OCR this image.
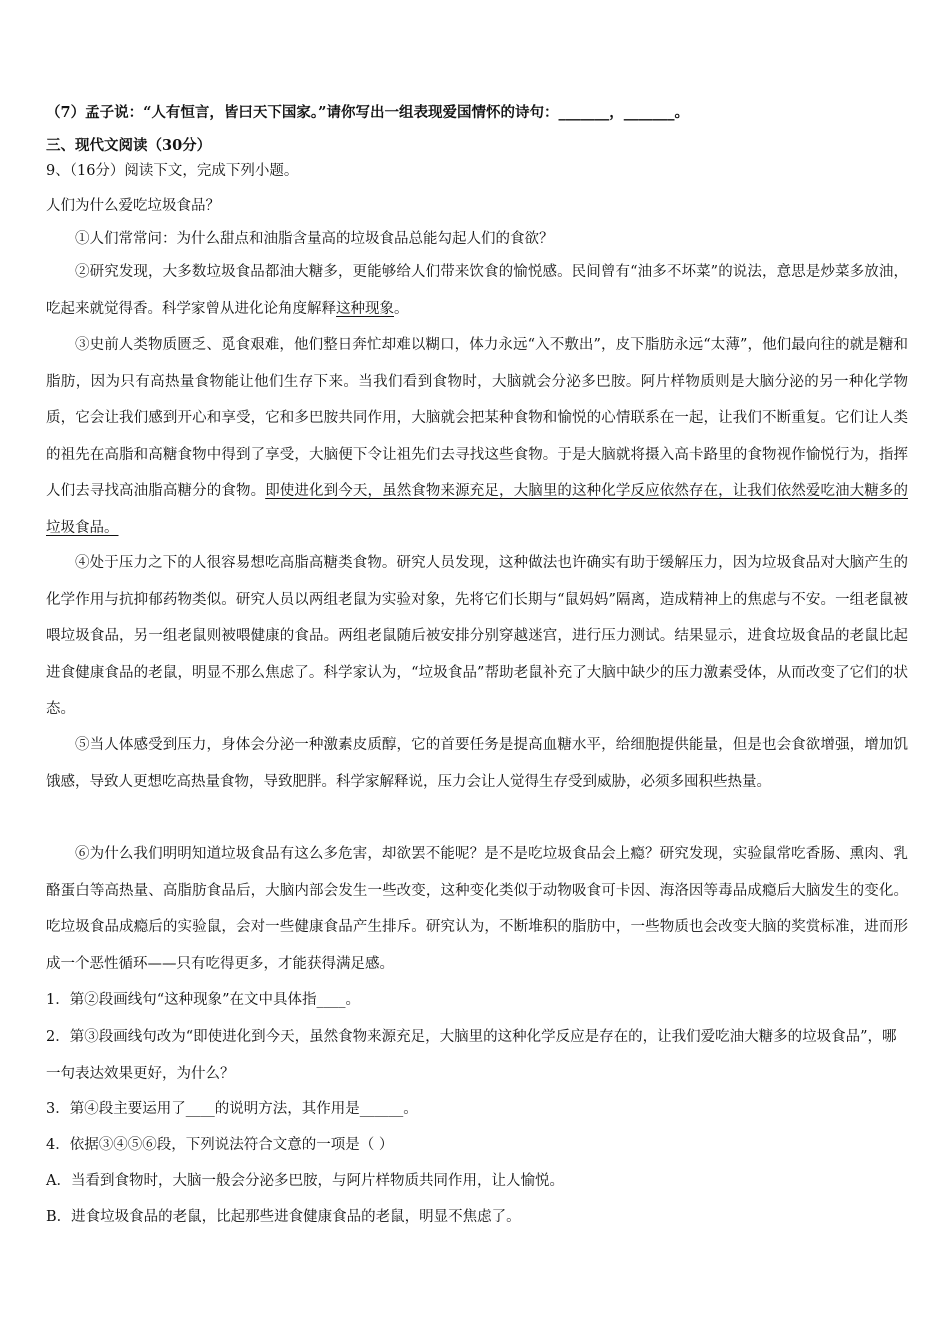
（7）孟子说：“人有恒言，皆曰天下国家。”请你写出一组表现爱国情怀的诗句：_______，_______。

三、现代文阅读（30分）

9、（16分）阅读下文，完成下列小题。

人们为什么爱吃垃圾食品？

①人们常常问：为什么甜点和油脂含量高的垃圾食品总能勾起人们的食欲？

②研究发现，大多数垃圾食品都油大糖多，更能够给人们带来饮食的愉悦感。民间曾有“油多不坏菜”的说法，意思是炒菜多放油，吃起来就觉得香。科学家曾从进化论角度解释这种现象。

③史前人类物质匮乏、觅食艰难，他们整日奔忙却难以糊口，体力永远“入不敷出”，皮下脂肪永远“太薄”，他们最向往的就是糖和脂肪，因为只有高热量食物能让他们生存下来。当我们看到食物时，大脑就会分泌多巴胺。阿片样物质则是大脑分泌的另一种化学物质，它会让我们感到开心和享受，它和多巴胺共同作用，大脑就会把某种食物和愉悦的心情联系在一起，让我们不断重复。它们让人类的祖先在高脂和高糖食物中得到了享受，大脑便下令让祖先们去寻找这些食物。于是大脑就将摄入高卡路里的食物视作愉悦行为，指挥人们去寻找高油脂高糖分的食物。即使进化到今天，虽然食物来源充足，大脑里的这种化学反应依然存在，让我们依然爱吃油大糖多的垃圾食品。

④处于压力之下的人很容易想吃高脂高糖类食物。研究人员发现，这种做法也许确实有助于缓解压力，因为垃圾食品对大脑产生的化学作用与抗抑郁药物类似。研究人员以两组老鼠为实验对象，先将它们长期与“鼠妈妈”隔离，造成精神上的焦虑与不安。一组老鼠被喂垃圾食品，另一组老鼠则被喂健康的食品。两组老鼠随后被安排分别穿越迷宫，进行压力测试。结果显示，进食垃圾食品的老鼠比起进食健康食品的老鼠，明显不那么焦虑了。科学家认为，“垃圾食品”帮助老鼠补充了大脑中缺少的压力激素受体，从而改变了它们的状态。

⑤当人体感受到压力，身体会分泌一种激素皮质醇，它的首要任务是提高血糖水平，给细胞提供能量，但是也会食欲增强，增加饥饿感，导致人更想吃高热量食物，导致肥胖。科学家解释说，压力会让人觉得生存受到威胁，必须多囤积些热量。

⑥为什么我们明明知道垃圾食品有这么多危害，却欲罢不能呢？是不是吃垃圾食品会上瘾？研究发现，实验鼠常吃香肠、熏肉、乳酪蛋白等高热量、高脂肪食品后，大脑内部会发生一些改变，这种变化类似于动物吸食可卡因、海洛因等毒品成瘾后大脑发生的变化。吃垃圾食品成瘾后的实验鼠，会对一些健康食品产生排斥。研究认为，不断堆积的脂肪中，一些物质也会改变大脑的奖赏标准，进而形成一个恶性循环——只有吃得更多，才能获得满足感。

1．第②段画线句“这种现象”在文中具体指____。

2．第③段画线句改为“即使进化到今天，虽然食物来源充足，大脑里的这种化学反应是存在的，让我们爱吃油大糖多的垃圾食品”，哪一句表达效果更好，为什么？

3．第④段主要运用了____的说明方法，其作用是______。

4．依据③④⑤⑥段，下列说法符合文意的一项是（ ）

A．当看到食物时，大脑一般会分泌多巴胺，与阿片样物质共同作用，让人愉悦。

B．进食垃圾食品的老鼠，比起那些进食健康食品的老鼠，明显不焦虑了。
